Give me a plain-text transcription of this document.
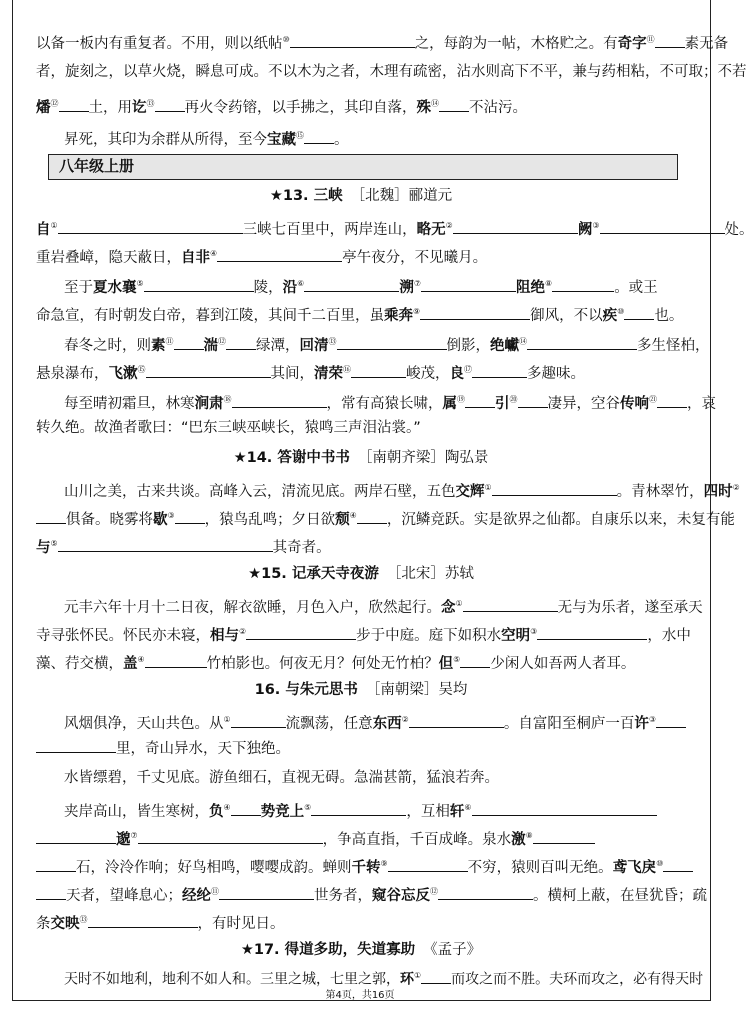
以备一板内有重复者。不用，则以纸帖⑩	之，每韵为一帖，木格贮之。有奇字⑪ 素无备
者，旋刻之，以草火烧，瞬息可成。不以木为之者，木理有疏密，沾水则高下不平，兼与药相粘，不可取；不若
燔⑫ 土，用讫⑬ 再火令药镕，以手拂之，其印自落，殊⑭ 不沾污。
昇死，其印为余群从所得，至今宝藏⑮ 。
八年级上册
★13. 三峡 ［北魏］郦道元
自①	三峡七百里中，两岸连山，略无②	阙③	处。
重岩叠嶂，隐天蔽日，自非④	亭午夜分，不见曦月。
至于夏水襄⑤	陵，沿⑥	溯⑦	阻绝⑧	。或王
命急宣，有时朝发白帝，暮到江陵，其间千二百里，虽乘奔⑨	御风，不以疾⑩ 也。
春冬之时，则素⑪ 湍⑫ 绿潭，回清⑬	倒影，绝巘⑭	多生怪柏，
悬泉瀑布，飞漱⑮	其间，清荣⑯	峻茂，良⑰	多趣味。
每至晴初霜旦，林寒涧肃⑱	，常有高猿长啸，属⑲ 引⑳ 凄异，空谷传响$^㉑$ ，哀
转久绝。故渔者歌曰：“巴东三峡巫峡长，猿鸣三声泪沾裳。”
★14. 答谢中书书 ［南朝齐梁］陶弘景
山川之美，古来共谈。高峰入云，清流见底。两岸石壁，五色交辉①	。青林翠竹，四时②
俱备。晓雾将歇③ ，猿鸟乱鸣；夕日欲颓④ ，沉鳞竞跃。实是欲界之仙都。自康乐以来，未复有能
与⑤	其奇者。
★15. 记承天寺夜游 ［北宋］苏轼
元丰六年十月十二日夜，解衣欲睡，月色入户，欣然起行。念①	无与为乐者，遂至承天
寺寻张怀民。怀民亦未寝，相与②	步于中庭。庭下如积水空明③	，水中
藻、荇交横，盖④	竹柏影也。何夜无月？何处无竹柏？但⑤ 少闲人如吾两人者耳。
16. 与朱元思书 ［南朝梁］吴均
风烟俱净，天山共色。从①	流飘荡，任意东西②	。自富阳至桐庐一百许③
里，奇山异水，天下独绝。
水皆缥碧，千丈见底。游鱼细石，直视无碍。急湍甚箭，猛浪若奔。
夹岸高山，皆生寒树，负④ 势竞上⑤	，互相轩⑥
邈⑦	，争高直指，千百成峰。泉水激⑧
石，泠泠作响；好鸟相鸣，嘤嘤成韵。蝉则千转⑨	不穷，猿则百叫无绝。鸢飞戾⑩
天者，望峰息心；经纶⑪	世务者，窥谷忘反⑫	。横柯上蔽，在昼犹昏；疏
条交映⑬	，有时见日。
★17. 得道多助，失道寡助 《孟子》
天时不如地利，地利不如人和。三里之城，七里之郭，环① 而攻之而不胜。夫环而攻之，必有得天时
第4页，共16页
